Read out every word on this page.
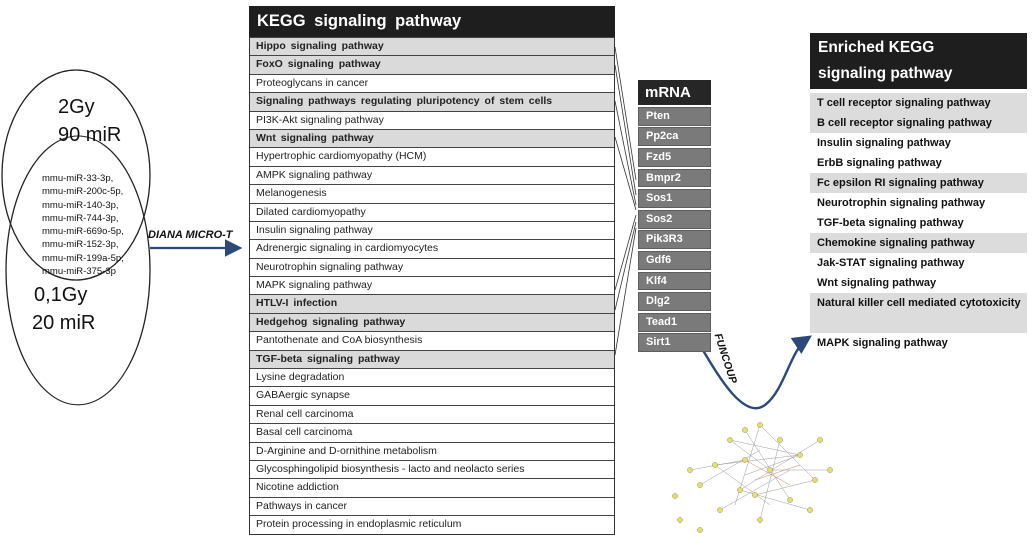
2Gy
90 miR
mmu-miR-33-3p,
mmu-miR-200c-5p,
mmu-miR-140-3p,
mmu-miR-744-3p,
mmu-miR-669o-5p,
mmu-miR-152-3p,
mmu-miR-199a-5p,
mmu-miR-375-3p
0,1Gy
20 miR
DIANA MICRO-T
KEGG signaling pathway
Hippo signaling pathway
FoxO signaling pathway
Proteoglycans in cancer
Signaling pathways regulating pluripotency of stem cells
PI3K-Akt signaling pathway
Wnt signaling pathway
Hypertrophic cardiomyopathy (HCM)
AMPK signaling pathway
Melanogenesis
Dilated cardiomyopathy
Insulin signaling pathway
Adrenergic signaling in cardiomyocytes
Neurotrophin signaling pathway
MAPK signaling pathway
HTLV-I infection
Hedgehog signaling pathway
Pantothenate and CoA biosynthesis
TGF-beta signaling pathway
Lysine degradation
GABAergic synapse
Renal cell carcinoma
Basal cell carcinoma
D-Arginine and D-ornithine metabolism
Glycosphingolipid biosynthesis - lacto and neolacto series
Nicotine addiction
Pathways in cancer
Protein processing in endoplasmic reticulum
mRNA
Pten
Pp2ca
Fzd5
Bmpr2
Sos1
Sos2
Pik3R3
Gdf6
Klf4
Dlg2
Tead1
Sirt1	FUNCOUP
Enriched KEGG
signaling pathway
T cell receptor signaling pathway
B cell receptor signaling pathway
Insulin signaling pathway
ErbB signaling pathway
Fc epsilon RI signaling pathway
Neurotrophin signaling pathway
TGF-beta signaling pathway
Chemokine signaling pathway
Jak-STAT signaling pathway
Wnt signaling pathway
Natural killer cell mediated cytotoxicity
MAPK signaling pathway
